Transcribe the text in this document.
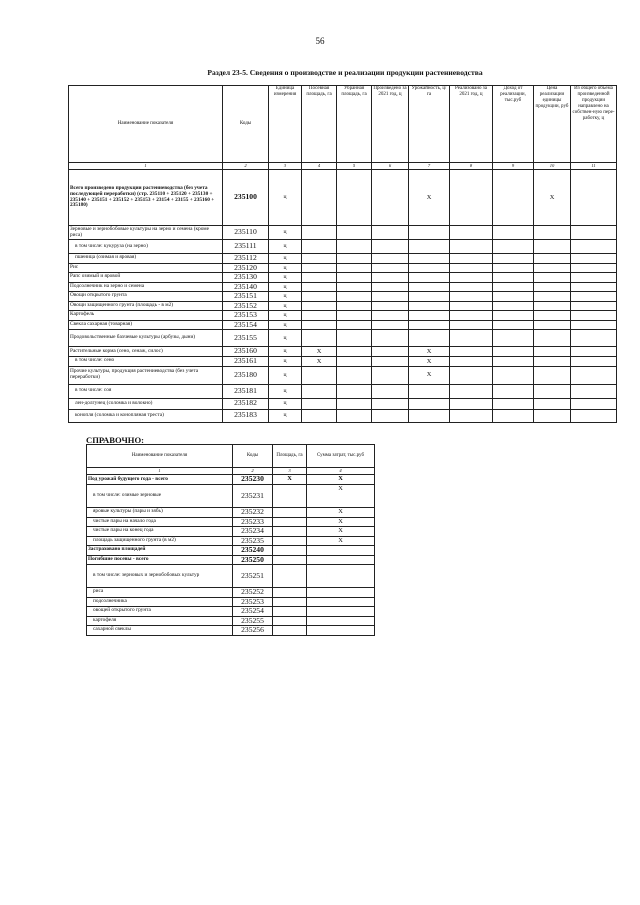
56
Раздел 23-5. Сведения о производстве и реализации продукции растениеводства
Наименование показателя	Коды	Единица измерения	Посевная площадь, га	Убранная площадь, га	Произведено за 2021 год, ц	Урожайность, ц/га	Реализовано за 2021 год, ц	Доход от реализации, тыс.руб	Цена реализации единицы продукции, руб	Из общего объема произведенной продукции направлено на собствен-ную пере-работку, ц
1	2	3	4	5	6	7	8	9	10	11
Всего произведено продукции растениеводства (без учета последующей переработки) (стр. 235110 + 235120 + 235130 + 235140 + 235151 + 235152 + 235153 + 23154 + 23155 + 235160 + 235180)	235100	ц				X			X	
Зерновые и зернобобовые культуры на зерно и семена (кроме риса)	235110	ц								
в том числе: кукуруза (на зерно)	235111	ц								
пшеница (озимая и яровая)	235112	ц								
Рис	235120	ц								
Рапс озимый и яровой	235130	ц								
Подсолнечник на зерно и семена	235140	ц								
Овощи открытого грунта	235151	ц								
Овощи защищенного грунта (площадь - в м2)	235152	ц								
Картофель	235153	ц								
Свекла сахарная (товарная)	235154	ц								
Продовольственные бахчевые культуры (арбузы, дыни)	235155	ц								
Растительные корма (сено, сенаж, силос)	235160	ц	X			X				
в том числе: сено	235161	ц	X			X				
Прочие культуры, продукция растениеводства (без учета переработки)	235180	ц				X				
в том числе: соя	235181	ц								
лен-долгунец (соломка и волокно)	235182	ц								
конопля (соломка и конопляная треста)	235183	ц								
СПРАВОЧНО:
Наименование показателя	Коды	Площадь, га	Сумма затрат, тыс.руб
1	2	3	4
Под урожай будущего года - всего	235230	X	X
в том числе: озимые зерновые	235231		X
яровые культуры (пары и зябь)	235232		X
чистые пары на начало года	235233		X
чистые пары на конец года	235234		X
площадь защищенного грунта (в м2)	235235		X
Застраховано площадей	235240		
Погибшие посевы - всего	235250		
в том числе: зерновых и зернобобовых культур	235251		
риса	235252		
подсолнечника	235253		
овощей открытого грунта	235254		
картофеля	235255		
сахарной свеклы	235256		
